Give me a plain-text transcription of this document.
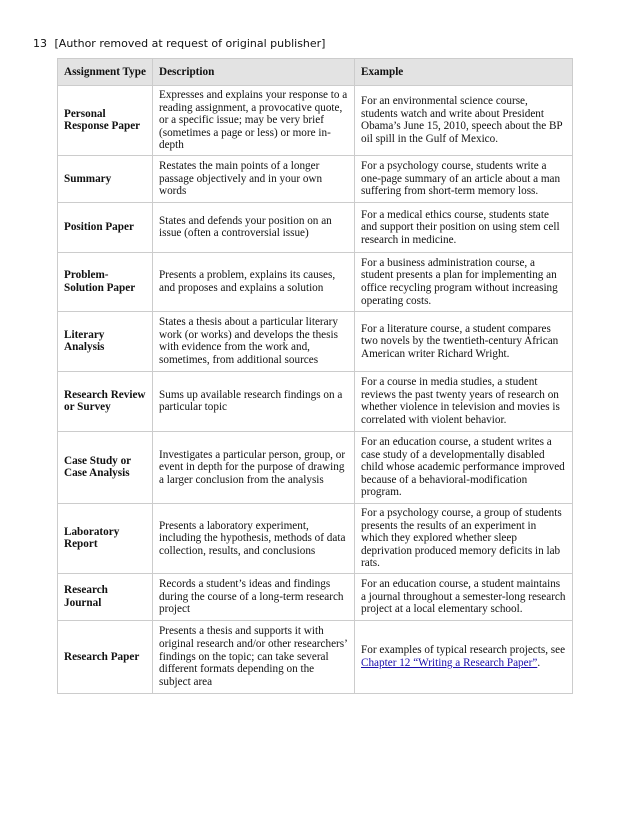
13 [Author removed at request of original publisher]
Assignment Type	Description	Example
Personal Response Paper	Expresses and explains your response to a reading assignment, a provocative quote, or a specific issue; may be very brief (sometimes a page or less) or more in-depth	For an environmental science course, students watch and write about President Obama’s June 15, 2010, speech about the BP oil spill in the Gulf of Mexico.
Summary	Restates the main points of a longer passage objectively and in your own words	For a psychology course, students write a one-page summary of an article about a man suffering from short-term memory loss.
Position Paper	States and defends your position on an issue (often a controversial issue)	For a medical ethics course, students state and support their position on using stem cell research in medicine.
Problem-Solution Paper	Presents a problem, explains its causes, and proposes and explains a solution	For a business administration course, a student presents a plan for implementing an office recycling program without increasing operating costs.
Literary Analysis	States a thesis about a particular literary work (or works) and develops the thesis with evidence from the work and, sometimes, from additional sources	For a literature course, a student compares two novels by the twentieth-century African American writer Richard Wright.
Research Review or Survey	Sums up available research findings on a particular topic	For a course in media studies, a student reviews the past twenty years of research on whether violence in television and movies is correlated with violent behavior.
Case Study or Case Analysis	Investigates a particular person, group, or event in depth for the purpose of drawing a larger conclusion from the analysis	For an education course, a student writes a case study of a developmentally disabled child whose academic performance improved because of a behavioral-modification program.
Laboratory Report	Presents a laboratory experiment, including the hypothesis, methods of data collection, results, and conclusions	For a psychology course, a group of students presents the results of an experiment in which they explored whether sleep deprivation produced memory deficits in lab rats.
Research Journal	Records a student’s ideas and findings during the course of a long-term research project	For an education course, a student maintains a journal throughout a semester-long research project at a local elementary school.
Research Paper	Presents a thesis and supports it with original research and/or other researchers’ findings on the topic; can take several different formats depending on the subject area	For examples of typical research projects, see Chapter 12 “Writing a Research Paper”.
